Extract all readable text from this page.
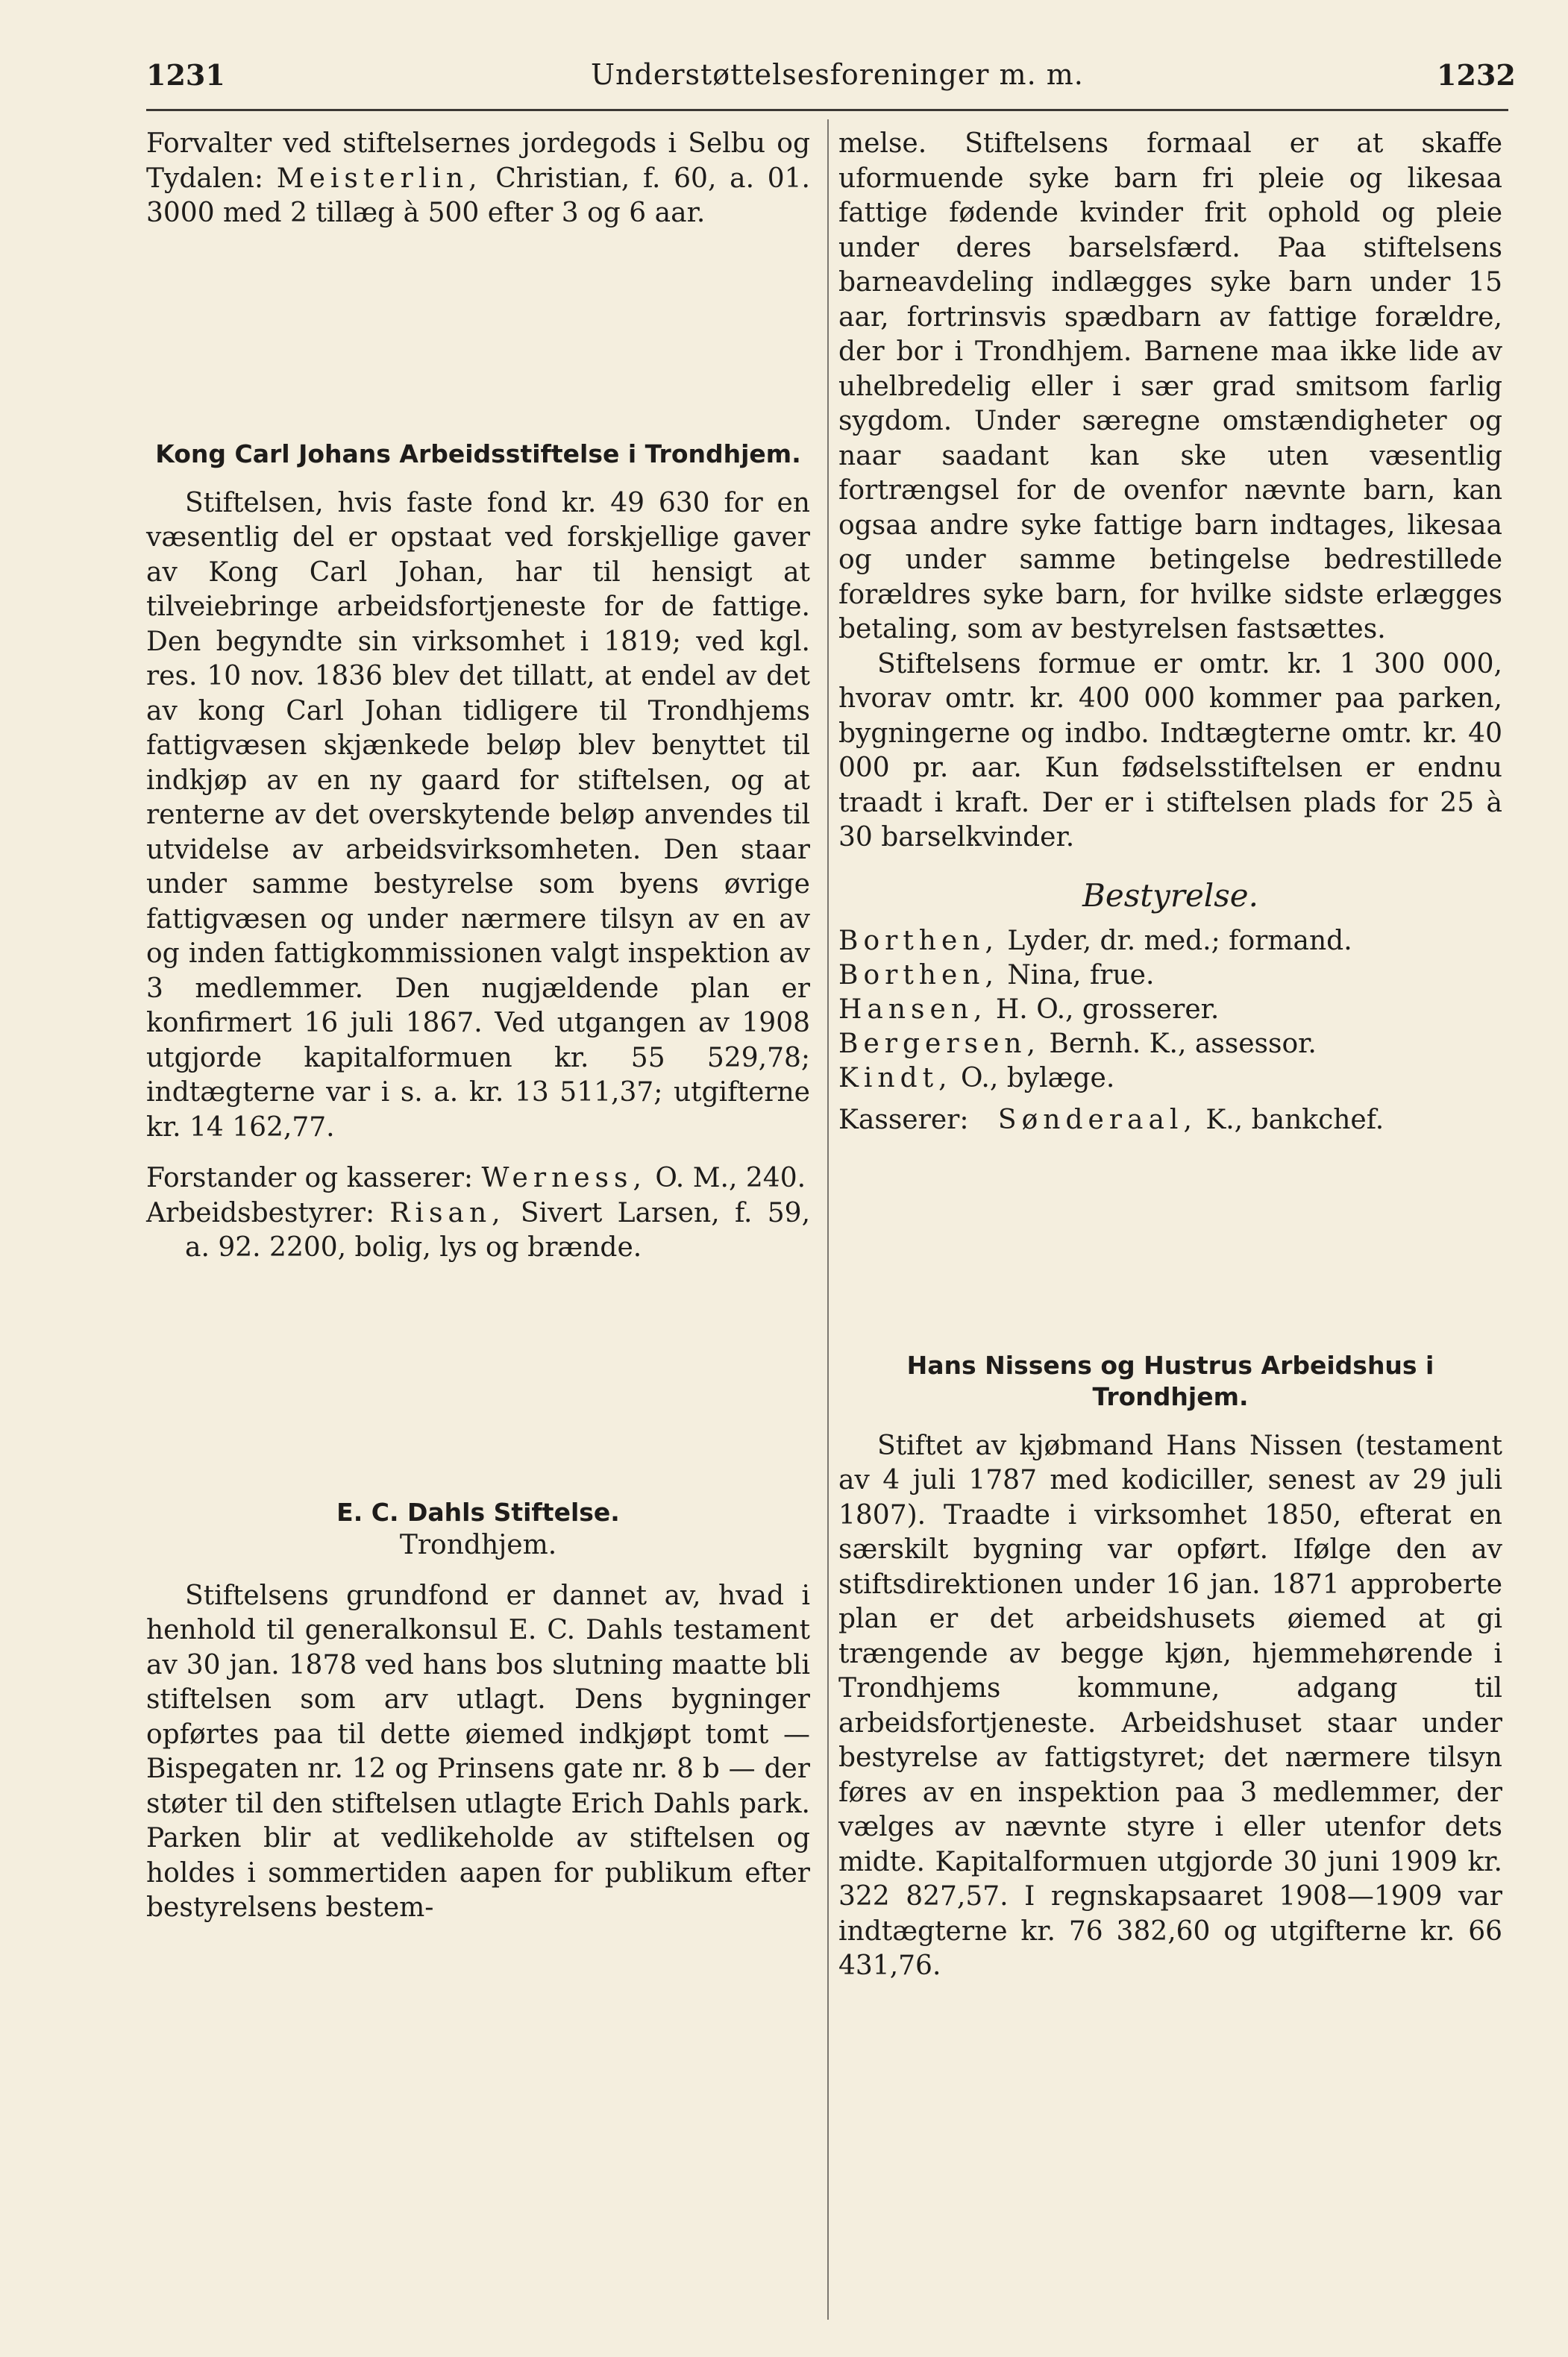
1231	Understøttelsesforeninger m. m.	1232

Forvalter ved stiftelsernes jordegods i Selbu og Tydalen: Meisterlin, Christian, f. 60, a. 01. 3000 med 2 tillæg à 500 efter 3 og 6 aar.

Kong Carl Johans Arbeidsstiftelse i Trondhjem.

Stiftelsen, hvis faste fond kr. 49 630 for en væsentlig del er opstaat ved forskjellige gaver av Kong Carl Johan, har til hensigt at tilveiebringe arbeidsfortjeneste for de fattige. Den begyndte sin virksomhet i 1819; ved kgl. res. 10 nov. 1836 blev det tillatt, at endel av det av kong Carl Johan tidligere til Trondhjems fattigvæsen skjænkede beløp blev benyttet til indkjøp av en ny gaard for stiftelsen, og at renterne av det overskytende beløp anvendes til utvidelse av arbeidsvirksomheten. Den staar under samme bestyrelse som byens øvrige fattigvæsen og under nærmere tilsyn av en av og inden fattigkommissionen valgt inspektion av 3 medlemmer. Den nugjældende plan er konfirmert 16 juli 1867. Ved utgangen av 1908 utgjorde kapitalformuen kr. 55 529,78; indtægterne var i s. a. kr. 13 511,37; utgifterne kr. 14 162,77.

Forstander og kasserer: Werness, O. M., 240.

Arbeidsbestyrer: Risan, Sivert Larsen, f. 59, a. 92. 2200, bolig, lys og brænde.

E. C. Dahls Stiftelse.

Trondhjem.

Stiftelsens grundfond er dannet av, hvad i henhold til generalkonsul E. C. Dahls testament av 30 jan. 1878 ved hans bos slutning maatte bli stiftelsen som arv utlagt. Dens bygninger opførtes paa til dette øiemed indkjøpt tomt — Bispegaten nr. 12 og Prinsens gate nr. 8 b — der støter til den stiftelsen utlagte Erich Dahls park. Parken blir at vedlikeholde av stiftelsen og holdes i sommertiden aapen for publikum efter bestyrelsens bestem-

melse. Stiftelsens formaal er at skaffe uformuende syke barn fri pleie og likesaa fattige fødende kvinder frit ophold og pleie under deres barselsfærd. Paa stiftelsens barneavdeling indlægges syke barn under 15 aar, fortrinsvis spædbarn av fattige forældre, der bor i Trondhjem. Barnene maa ikke lide av uhelbredelig eller i sær grad smitsom farlig sygdom. Under særegne omstændigheter og naar saadant kan ske uten væsentlig fortrængsel for de ovenfor nævnte barn, kan ogsaa andre syke fattige barn indtages, likesaa og under samme betingelse bedrestillede forældres syke barn, for hvilke sidste erlægges betaling, som av bestyrelsen fastsættes.

Stiftelsens formue er omtr. kr. 1 300 000, hvorav omtr. kr. 400 000 kommer paa parken, bygningerne og indbo. Indtægterne omtr. kr. 40 000 pr. aar. Kun fødselsstiftelsen er endnu traadt i kraft. Der er i stiftelsen plads for 25 à 30 barselkvinder.

Bestyrelse.

Borthen, Lyder, dr. med.; formand.

Borthen, Nina, frue.

Hansen, H. O., grosserer.

Bergersen, Bernh. K., assessor.

Kindt, O., bylæge.

Kasserer: Sønderaal, K., bankchef.

Hans Nissens og Hustrus Arbeidshus i Trondhjem.

Stiftet av kjøbmand Hans Nissen (testament av 4 juli 1787 med kodiciller, senest av 29 juli 1807). Traadte i virksomhet 1850, efterat en særskilt bygning var opført. Ifølge den av stiftsdirektionen under 16 jan. 1871 approberte plan er det arbeidshusets øiemed at gi trængende av begge kjøn, hjemmehørende i Trondhjems kommune, adgang til arbeidsfortjeneste. Arbeidshuset staar under bestyrelse av fattigstyret; det nærmere tilsyn føres av en inspektion paa 3 medlemmer, der vælges av nævnte styre i eller utenfor dets midte. Kapitalformuen utgjorde 30 juni 1909 kr. 322 827,57. I regnskapsaaret 1908—1909 var indtægterne kr. 76 382,60 og utgifterne kr. 66 431,76.
